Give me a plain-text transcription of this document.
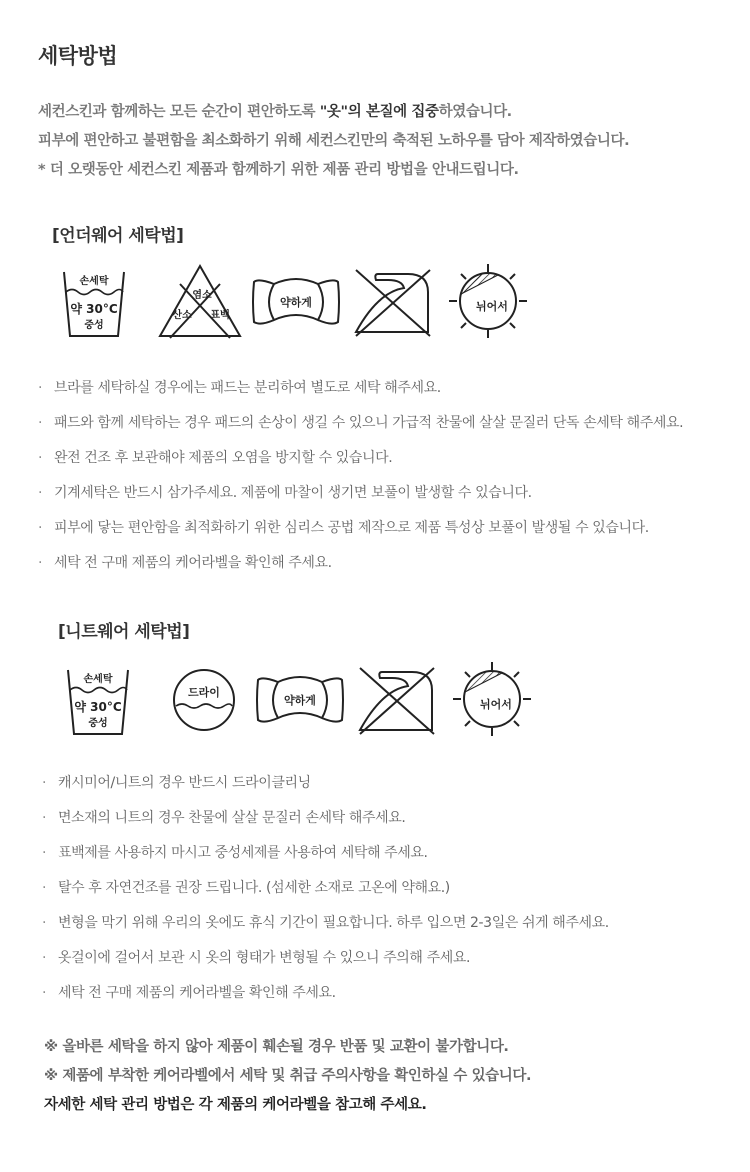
세탁방법

세컨스킨과 함께하는 모든 순간이 편안하도록 "옷"의 본질에 집중하였습니다.

피부에 편안하고 불편함을 최소화하기 위해 세컨스킨만의 축적된 노하우를 담아 제작하였습니다.

* 더 오랫동안 세컨스킨 제품과 함께하기 위한 제품 관리 방법을 안내드립니다.

[언더웨어 세탁법]
손세탁
약 30°C
중성
염소
산소 표백
약하게	뉘어서
· 브라를 세탁하실 경우에는 패드는 분리하여 별도로 세탁 해주세요.
· 패드와 함께 세탁하는 경우 패드의 손상이 생길 수 있으니 가급적 찬물에 살살 문질러 단독 손세탁 해주세요.
· 완전 건조 후 보관해야 제품의 오염을 방지할 수 있습니다.
· 기계세탁은 반드시 삼가주세요. 제품에 마찰이 생기면 보풀이 발생할 수 있습니다.
· 피부에 닿는 편안함을 최적화하기 위한 심리스 공법 제작으로 제품 특성상 보풀이 발생될 수 있습니다.
· 세탁 전 구매 제품의 케어라벨을 확인해 주세요.
[니트웨어 세탁법]
손세탁
약 30°C
중성
드라이
약하게	뉘어서
· 캐시미어/니트의 경우 반드시 드라이클리닝
· 면소재의 니트의 경우 찬물에 살살 문질러 손세탁 해주세요.
· 표백제를 사용하지 마시고 중성세제를 사용하여 세탁해 주세요.
· 탈수 후 자연건조를 권장 드립니다. (섬세한 소재로 고온에 약해요.)
· 변형을 막기 위해 우리의 옷에도 휴식 기간이 필요합니다. 하루 입으면 2-3일은 쉬게 해주세요.
· 옷걸이에 걸어서 보관 시 옷의 형태가 변형될 수 있으니 주의해 주세요.
· 세탁 전 구매 제품의 케어라벨을 확인해 주세요.

※ 올바른 세탁을 하지 않아 제품이 훼손될 경우 반품 및 교환이 불가합니다.

※ 제품에 부착한 케어라벨에서 세탁 및 취급 주의사항을 확인하실 수 있습니다.

자세한 세탁 관리 방법은 각 제품의 케어라벨을 참고해 주세요.
